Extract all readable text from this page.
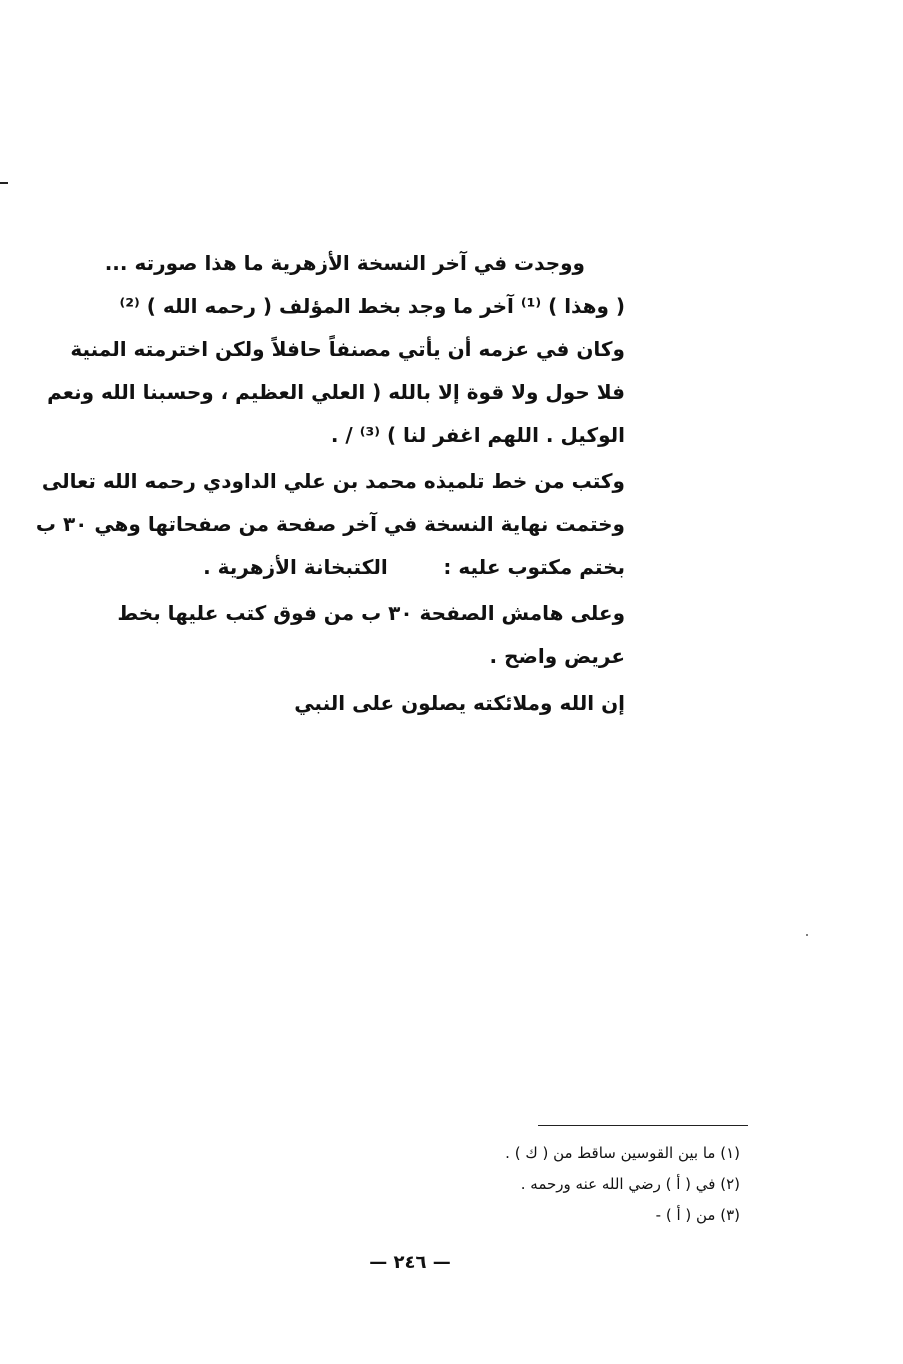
ووجدت في آخر النسخة الأزهرية ما هذا صورته ...
( وهذا ) ⁽¹⁾ آخر ما وجد بخط المؤلف ( رحمه الله ) ⁽²⁾
وكان في عزمه أن يأتي مصنفاً حافلاً ولكن اخترمته المنية
فلا حول ولا قوة إلا بالله ( العلي العظيم ، وحسبنا الله ونعم
الوكيل . اللهم اغفر لنا ) ⁽³⁾ / .
وكتب من خط تلميذه محمد بن علي الداودي رحمه الله تعالى
وختمت نهاية النسخة في آخر صفحة من صفحاتها وهي ٣٠ ب
بختم مكتوب عليه :        الكتبخانة الأزهرية .
وعلى هامش الصفحة ٣٠ ب من فوق كتب عليها بخط
عريض واضح .
إن الله وملائكته يصلون على النبي
(١) ما بين القوسين ساقط من ( ك ) .
(٢) في ( أ ) رضي الله عنه ورحمه .
(٣) من ( أ ) -
— ٢٤٦ —
